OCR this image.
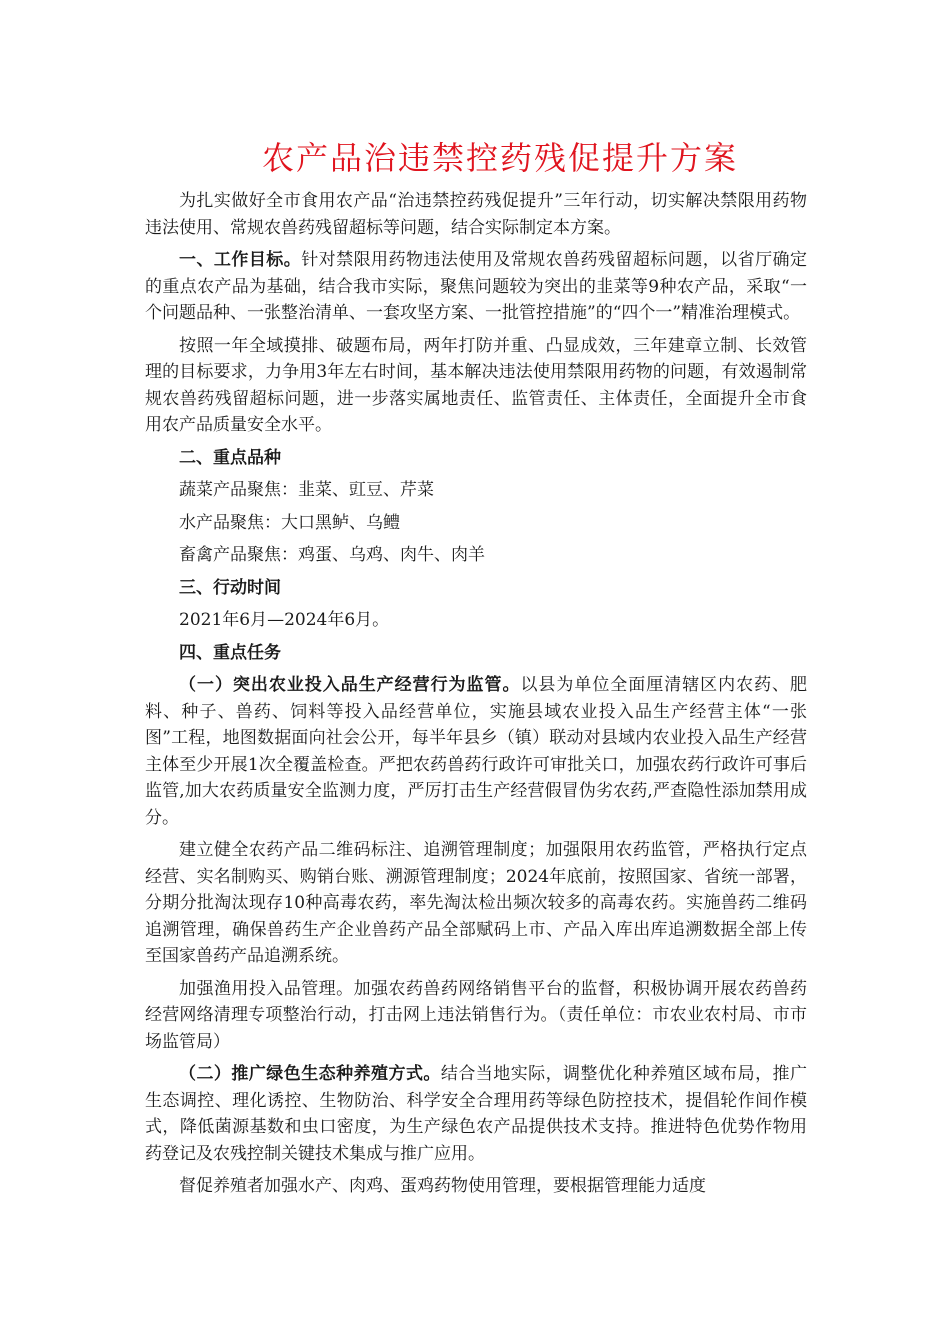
农产品治违禁控药残促提升方案

为扎实做好全市食用农产品“治违禁控药残促提升”三年行动，切实解决禁限用药物违法使用、常规农兽药残留超标等问题，结合实际制定本方案。

一、工作目标。针对禁限用药物违法使用及常规农兽药残留超标问题，以省厅确定的重点农产品为基础，结合我市实际，聚焦问题较为突出的韭菜等9种农产品，采取“一个问题品种、一张整治清单、一套攻坚方案、一批管控措施”的“四个一”精准治理模式。

按照一年全域摸排、破题布局，两年打防并重、凸显成效，三年建章立制、长效管理的目标要求，力争用3年左右时间，基本解决违法使用禁限用药物的问题，有效遏制常规农兽药残留超标问题，进一步落实属地责任、监管责任、主体责任，全面提升全市食用农产品质量安全水平。

二、重点品种

蔬菜产品聚焦：韭菜、豇豆、芹菜

水产品聚焦：大口黑鲈、乌鳢

畜禽产品聚焦：鸡蛋、乌鸡、肉牛、肉羊

三、行动时间

2021年6月—2024年6月。

四、重点任务

（一）突出农业投入品生产经营行为监管。以县为单位全面厘清辖区内农药、肥料、种子、兽药、饲料等投入品经营单位，实施县域农业投入品生产经营主体“一张图”工程，地图数据面向社会公开，每半年县乡（镇）联动对县域内农业投入品生产经营主体至少开展1次全覆盖检查。严把农药兽药行政许可审批关口，加强农药行政许可事后监管,加大农药质量安全监测力度，严厉打击生产经营假冒伪劣农药,严查隐性添加禁用成分。

建立健全农药产品二维码标注、追溯管理制度；加强限用农药监管，严格执行定点经营、实名制购买、购销台账、溯源管理制度；2024年底前，按照国家、省统一部署，分期分批淘汰现存10种高毒农药，率先淘汰检出频次较多的高毒农药。实施兽药二维码追溯管理，确保兽药生产企业兽药产品全部赋码上市、产品入库出库追溯数据全部上传至国家兽药产品追溯系统。

加强渔用投入品管理。加强农药兽药网络销售平台的监督，积极协调开展农药兽药经营网络清理专项整治行动，打击网上违法销售行为。（责任单位：市农业农村局、市市场监管局）

（二）推广绿色生态种养殖方式。结合当地实际，调整优化种养殖区域布局，推广生态调控、理化诱控、生物防治、科学安全合理用药等绿色防控技术，提倡轮作间作模式，降低菌源基数和虫口密度，为生产绿色农产品提供技术支持。推进特色优势作物用药登记及农残控制关键技术集成与推广应用。

督促养殖者加强水产、肉鸡、蛋鸡药物使用管理，要根据管理能力适度
